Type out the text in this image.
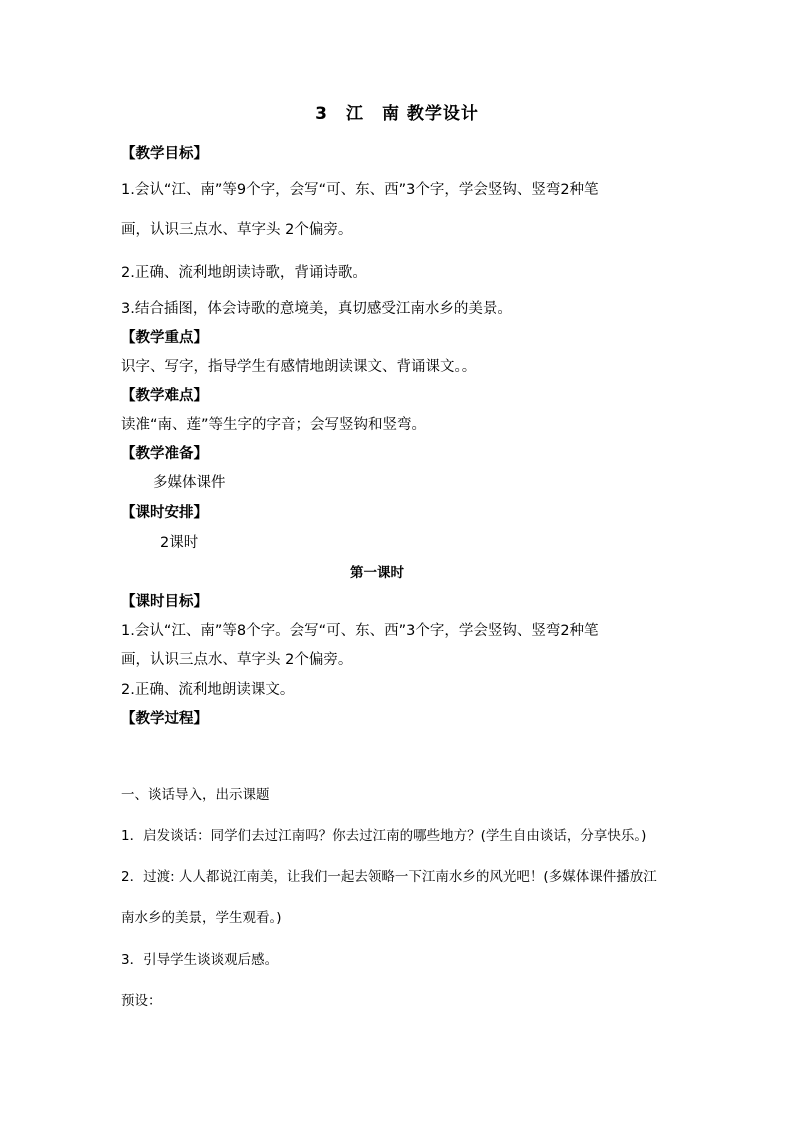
3　江　南 教学设计
【教学目标】
1.会认“江、南”等9个字，会写“可、东、西”3个字，学会竖钩、竖弯2种笔
画，认识三点水、草字头 2个偏旁。
2.正确、流利地朗读诗歌，背诵诗歌。
3.结合插图，体会诗歌的意境美，真切感受江南水乡的美景。
【教学重点】
识字、写字，指导学生有感情地朗读课文、背诵课文。。
【教学难点】
读准“南、莲”等生字的字音；会写竖钩和竖弯。
【教学准备】
多媒体课件
【课时安排】
2课时
第一课时
【课时目标】
1.会认“江、南”等8个字。会写“可、东、西”3个字，学会竖钩、竖弯2种笔
画，认识三点水、草字头 2个偏旁。
2.正确、流利地朗读课文。
【教学过程】
一、谈话导入，出示课题
1．启发谈话：同学们去过江南吗？你去过江南的哪些地方？(学生自由谈话，分享快乐。)
2．过渡: 人人都说江南美，让我们一起去领略一下江南水乡的风光吧！(多媒体课件播放江
南水乡的美景，学生观看。)
3．引导学生谈谈观后感。
预设：
